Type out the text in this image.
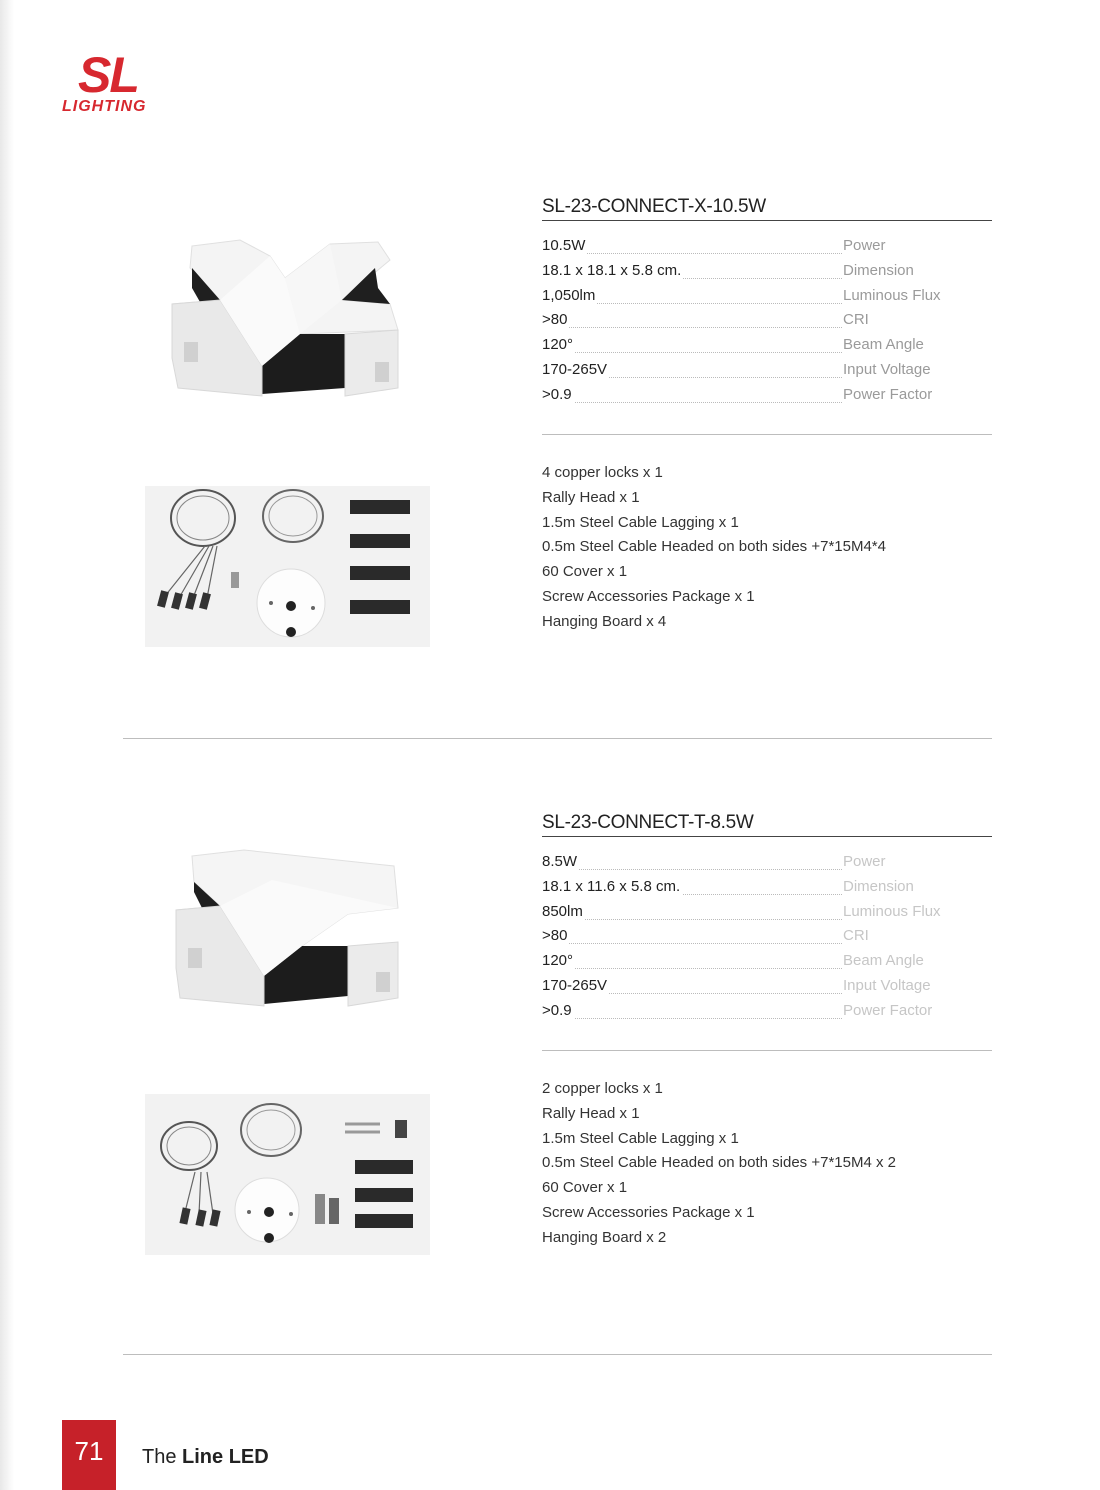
SL
LIGHTING
SL-23-CONNECT-X-10.5W
10.5W	Power
18.1 x 18.1 x 5.8 cm.	Dimension
1,050lm	Luminous Flux
>80	CRI
120°	Beam Angle
170-265V	Input Voltage
>0.9	Power Factor
4 copper locks x 1
Rally Head x 1
1.5m Steel Cable Lagging x 1
0.5m Steel Cable Headed on both sides +7*15M4*4
60 Cover x 1
Screw Accessories Package x 1
Hanging Board x 4
SL-23-CONNECT-T-8.5W
8.5W	Power
18.1 x 11.6 x 5.8 cm.	Dimension
850lm	Luminous Flux
>80	CRI
120°	Beam Angle
170-265V	Input Voltage
>0.9	Power Factor
2 copper locks x 1
Rally Head x 1
1.5m Steel Cable Lagging x 1
0.5m Steel Cable Headed on both sides +7*15M4 x 2
60 Cover x 1
Screw Accessories Package x 1
Hanging Board x 2
71	The Line LED
